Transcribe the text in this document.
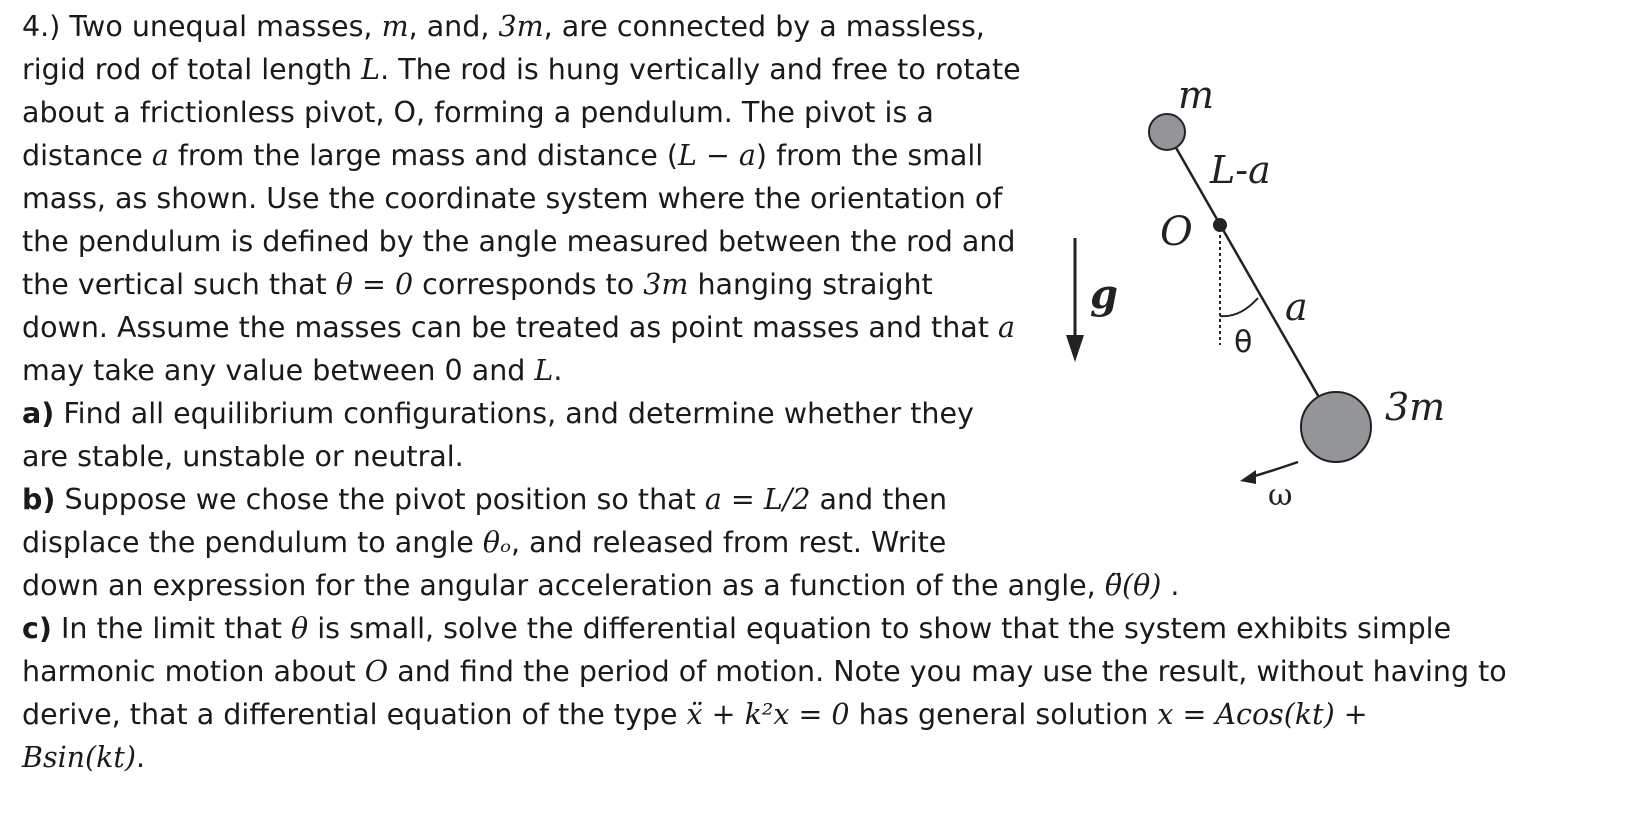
4.) Two unequal masses, m, and, 3m, are connected by a massless,
rigid rod of total length L. The rod is hung vertically and free to rotate
about a frictionless pivot, O, forming a pendulum. The pivot is a
distance a from the large mass and distance (L − a) from the small
mass, as shown. Use the coordinate system where the orientation of
the pendulum is defined by the angle measured between the rod and
the vertical such that θ = 0 corresponds to 3m hanging straight
down. Assume the masses can be treated as point masses and that a
may take any value between 0 and L.
a) Find all equilibrium configurations, and determine whether they
are stable, unstable or neutral.
b) Suppose we chose the pivot position so that a = L/2 and then
displace the pendulum to angle θₒ, and released from rest. Write
down an expression for the angular acceleration as a function of the angle, θ̈(θ) .
c) In the limit that θ is small, solve the differential equation to show that the system exhibits simple
harmonic motion about O and find the period of motion. Note you may use the result, without having to
derive, that a differential equation of the type ẍ + k²x = 0 has general solution x = Acos(kt) +
Bsin(kt).
g
m
L-a
O
a
θ
3m
ω
